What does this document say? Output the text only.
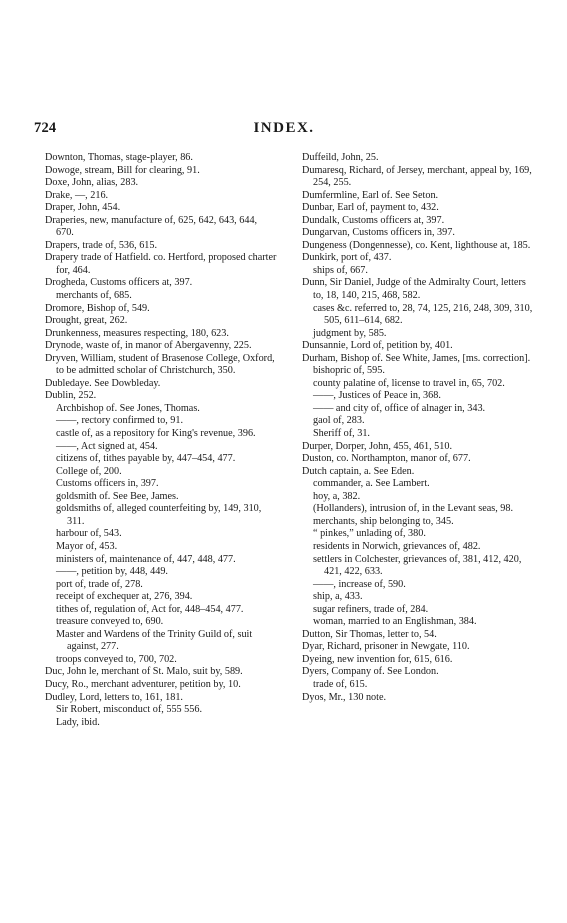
724	INDEX.
Downton, Thomas, stage-player, 86.
Dowoge, stream, Bill for clearing, 91.
Doxe, John, alias, 283.
Drake, —, 216.
Draper, John, 454.
Draperies, new, manufacture of, 625, 642, 643, 644, 670.
Drapers, trade of, 536, 615.
Drapery trade of Hatfield. co. Hertford, proposed charter for, 464.
Drogheda, Customs officers at, 397.
merchants of, 685.
Dromore, Bishop of, 549.
Drought, great, 262.
Drunkenness, measures respecting, 180, 623.
Drynode, waste of, in manor of Abergavenny, 225.
Dryven, William, student of Brasenose College, Oxford, to be admitted scholar of Christchurch, 350.
Dubledaye. See Dowbleday.
Dublin, 252.
Archbishop of. See Jones, Thomas.
——, rectory confirmed to, 91.
castle of, as a repository for King's revenue, 396.
——, Act signed at, 454.
citizens of, tithes payable by, 447–454, 477.
College of, 200.
Customs officers in, 397.
goldsmith of. See Bee, James.
goldsmiths of, alleged counterfeiting by, 149, 310, 311.
harbour of, 543.
Mayor of, 453.
ministers of, maintenance of, 447, 448, 477.
——, petition by, 448, 449.
port of, trade of, 278.
receipt of exchequer at, 276, 394.
tithes of, regulation of, Act for, 448–454, 477.
treasure conveyed to, 690.
Master and Wardens of the Trinity Guild of, suit against, 277.
troops conveyed to, 700, 702.
Duc, John le, merchant of St. Malo, suit by, 589.
Ducy, Ro., merchant adventurer, petition by, 10.
Dudley, Lord, letters to, 161, 181.
Sir Robert, misconduct of, 555 556.
Lady, ibid.
Duffeild, John, 25.
Dumaresq, Richard, of Jersey, merchant, appeal by, 169, 254, 255.
Dumfermline, Earl of. See Seton.
Dunbar, Earl of, payment to, 432.
Dundalk, Customs officers at, 397.
Dungarvan, Customs officers in, 397.
Dungeness (Dongennesse), co. Kent, lighthouse at, 185.
Dunkirk, port of, 437.
ships of, 667.
Dunn, Sir Daniel, Judge of the Admiralty Court, letters to, 18, 140, 215, 468, 582.
cases &c. referred to, 28, 74, 125, 216, 248, 309, 310, 505, 611–614, 682.
judgment by, 585.
Dunsannie, Lord of, petition by, 401.
Durham, Bishop of. See White, James, [ms. correction].
bishopric of, 595.
county palatine of, license to travel in, 65, 702.
——, Justices of Peace in, 368.
—— and city of, office of alnager in, 343.
gaol of, 283.
Sheriff of, 31.
Durper, Dorper, John, 455, 461, 510.
Duston, co. Northampton, manor of, 677.
Dutch captain, a. See Eden.
commander, a. See Lambert.
hoy, a, 382.
(Hollanders), intrusion of, in the Levant seas, 98.
merchants, ship belonging to, 345.
“ pinkes,” unlading of, 380.
residents in Norwich, grievances of, 482.
settlers in Colchester, grievances of, 381, 412, 420, 421, 422, 633.
——, increase of, 590.
ship, a, 433.
sugar refiners, trade of, 284.
woman, married to an Englishman, 384.
Dutton, Sir Thomas, letter to, 54.
Dyar, Richard, prisoner in Newgate, 110.
Dyeing, new invention for, 615, 616.
Dyers, Company of. See London.
trade of, 615.
Dyos, Mr., 130 note.
